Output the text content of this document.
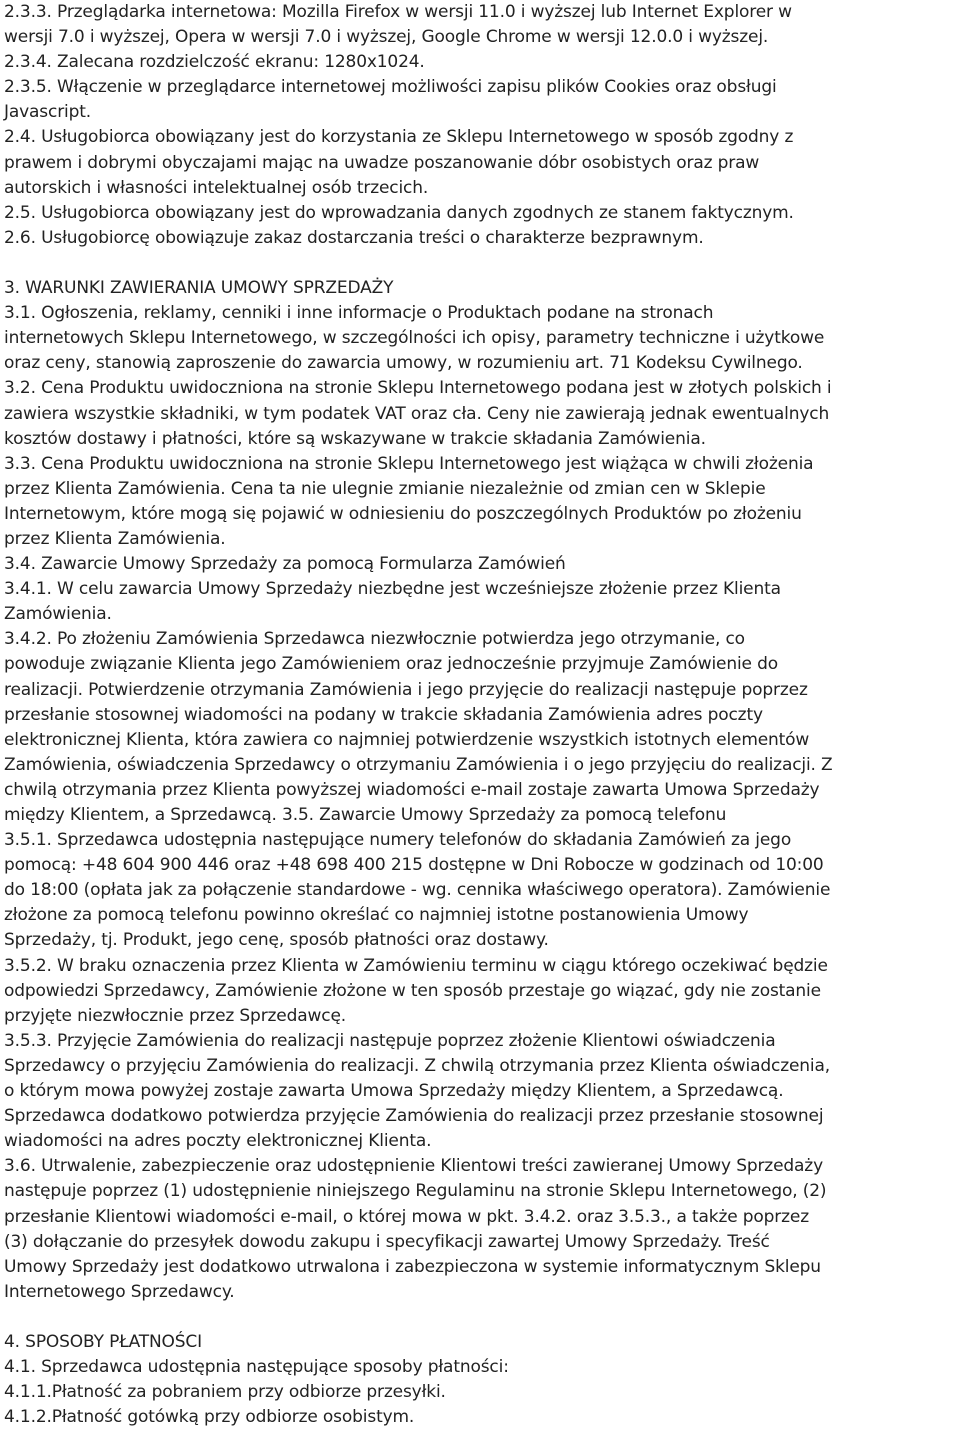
2.3.3. Przeglądarka internetowa: Mozilla Firefox w wersji 11.0 i wyższej lub Internet Explorer w
wersji 7.0 i wyższej, Opera w wersji 7.0 i wyższej, Google Chrome w wersji 12.0.0 i wyższej.
2.3.4. Zalecana rozdzielczość ekranu: 1280x1024.
2.3.5. Włączenie w przeglądarce internetowej możliwości zapisu plików Cookies oraz obsługi
Javascript.
2.4. Usługobiorca obowiązany jest do korzystania ze Sklepu Internetowego w sposób zgodny z
prawem i dobrymi obyczajami mając na uwadze poszanowanie dóbr osobistych oraz praw
autorskich i własności intelektualnej osób trzecich.
2.5. Usługobiorca obowiązany jest do wprowadzania danych zgodnych ze stanem faktycznym.
2.6. Usługobiorcę obowiązuje zakaz dostarczania treści o charakterze bezprawnym.
3. WARUNKI ZAWIERANIA UMOWY SPRZEDAŻY
3.1. Ogłoszenia, reklamy, cenniki i inne informacje o Produktach podane na stronach
internetowych Sklepu Internetowego, w szczególności ich opisy, parametry techniczne i użytkowe
oraz ceny, stanowią zaproszenie do zawarcia umowy, w rozumieniu art. 71 Kodeksu Cywilnego.
3.2. Cena Produktu uwidoczniona na stronie Sklepu Internetowego podana jest w złotych polskich i
zawiera wszystkie składniki, w tym podatek VAT oraz cła. Ceny nie zawierają jednak ewentualnych
kosztów dostawy i płatności, które są wskazywane w trakcie składania Zamówienia.
3.3. Cena Produktu uwidoczniona na stronie Sklepu Internetowego jest wiążąca w chwili złożenia
przez Klienta Zamówienia. Cena ta nie ulegnie zmianie niezależnie od zmian cen w Sklepie
Internetowym, które mogą się pojawić w odniesieniu do poszczególnych Produktów po złożeniu
przez Klienta Zamówienia.
3.4. Zawarcie Umowy Sprzedaży za pomocą Formularza Zamówień
3.4.1. W celu zawarcia Umowy Sprzedaży niezbędne jest wcześniejsze złożenie przez Klienta
Zamówienia.
3.4.2. Po złożeniu Zamówienia Sprzedawca niezwłocznie potwierdza jego otrzymanie, co
powoduje związanie Klienta jego Zamówieniem oraz jednocześnie przyjmuje Zamówienie do
realizacji. Potwierdzenie otrzymania Zamówienia i jego przyjęcie do realizacji następuje poprzez
przesłanie stosownej wiadomości na podany w trakcie składania Zamówienia adres poczty
elektronicznej Klienta, która zawiera co najmniej potwierdzenie wszystkich istotnych elementów
Zamówienia, oświadczenia Sprzedawcy o otrzymaniu Zamówienia i o jego przyjęciu do realizacji. Z
chwilą otrzymania przez Klienta powyższej wiadomości e-mail zostaje zawarta Umowa Sprzedaży
między Klientem, a Sprzedawcą. 3.5. Zawarcie Umowy Sprzedaży za pomocą telefonu
3.5.1. Sprzedawca udostępnia następujące numery telefonów do składania Zamówień za jego
pomocą: +48 604 900 446 oraz +48 698 400 215 dostępne w Dni Robocze w godzinach od 10:00
do 18:00 (opłata jak za połączenie standardowe - wg. cennika właściwego operatora). Zamówienie
złożone za pomocą telefonu powinno określać co najmniej istotne postanowienia Umowy
Sprzedaży, tj. Produkt, jego cenę, sposób płatności oraz dostawy.
3.5.2. W braku oznaczenia przez Klienta w Zamówieniu terminu w ciągu którego oczekiwać będzie
odpowiedzi Sprzedawcy, Zamówienie złożone w ten sposób przestaje go wiązać, gdy nie zostanie
przyjęte niezwłocznie przez Sprzedawcę.
3.5.3. Przyjęcie Zamówienia do realizacji następuje poprzez złożenie Klientowi oświadczenia
Sprzedawcy o przyjęciu Zamówienia do realizacji. Z chwilą otrzymania przez Klienta oświadczenia,
o którym mowa powyżej zostaje zawarta Umowa Sprzedaży między Klientem, a Sprzedawcą.
Sprzedawca dodatkowo potwierdza przyjęcie Zamówienia do realizacji przez przesłanie stosownej
wiadomości na adres poczty elektronicznej Klienta.
3.6. Utrwalenie, zabezpieczenie oraz udostępnienie Klientowi treści zawieranej Umowy Sprzedaży
następuje poprzez (1) udostępnienie niniejszego Regulaminu na stronie Sklepu Internetowego, (2)
przesłanie Klientowi wiadomości e-mail, o której mowa w pkt. 3.4.2. oraz 3.5.3., a także poprzez
(3) dołączanie do przesyłek dowodu zakupu i specyfikacji zawartej Umowy Sprzedaży. Treść
Umowy Sprzedaży jest dodatkowo utrwalona i zabezpieczona w systemie informatycznym Sklepu
Internetowego Sprzedawcy.
4. SPOSOBY PŁATNOŚCI
4.1. Sprzedawca udostępnia następujące sposoby płatności:
4.1.1.Płatność za pobraniem przy odbiorze przesyłki.
4.1.2.Płatność gotówką przy odbiorze osobistym.
